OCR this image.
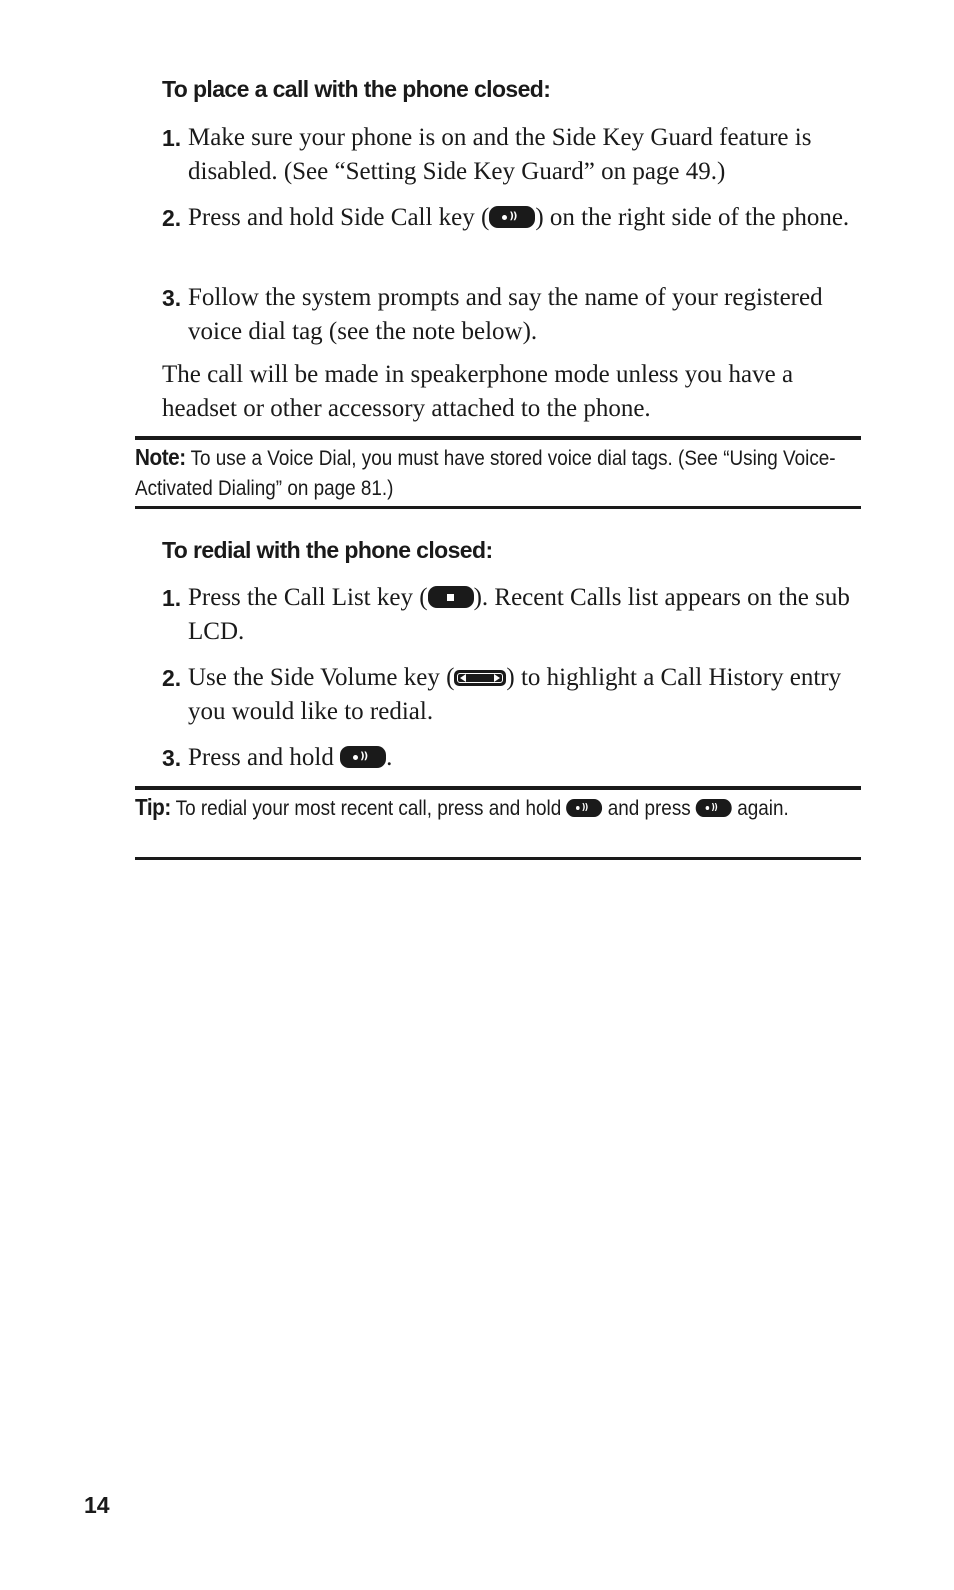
To place a call with the phone closed:
1. Make sure your phone is on and the Side Key Guard feature is disabled. (See “Setting Side Key Guard” on page 49.)
2. Press and hold Side Call key ( )) ) on the right side of the phone.
3. Follow the system prompts and say the name of your registered voice dial tag (see the note below).
The call will be made in speakerphone mode unless you have a headset or other accessory attached to the phone.
Note: To use a Voice Dial, you must have stored voice dial tags. (See “Using Voice-Activated Dialing” on page 81.)
To redial with the phone closed:
1. Press the Call List key ( ). Recent Calls list appears on the sub LCD.
2. Use the Side Volume key ( ) to highlight a Call History entry you would like to redial.
3. Press and hold )) .
Tip: To redial your most recent call, press and hold )) and press )) again.
14
